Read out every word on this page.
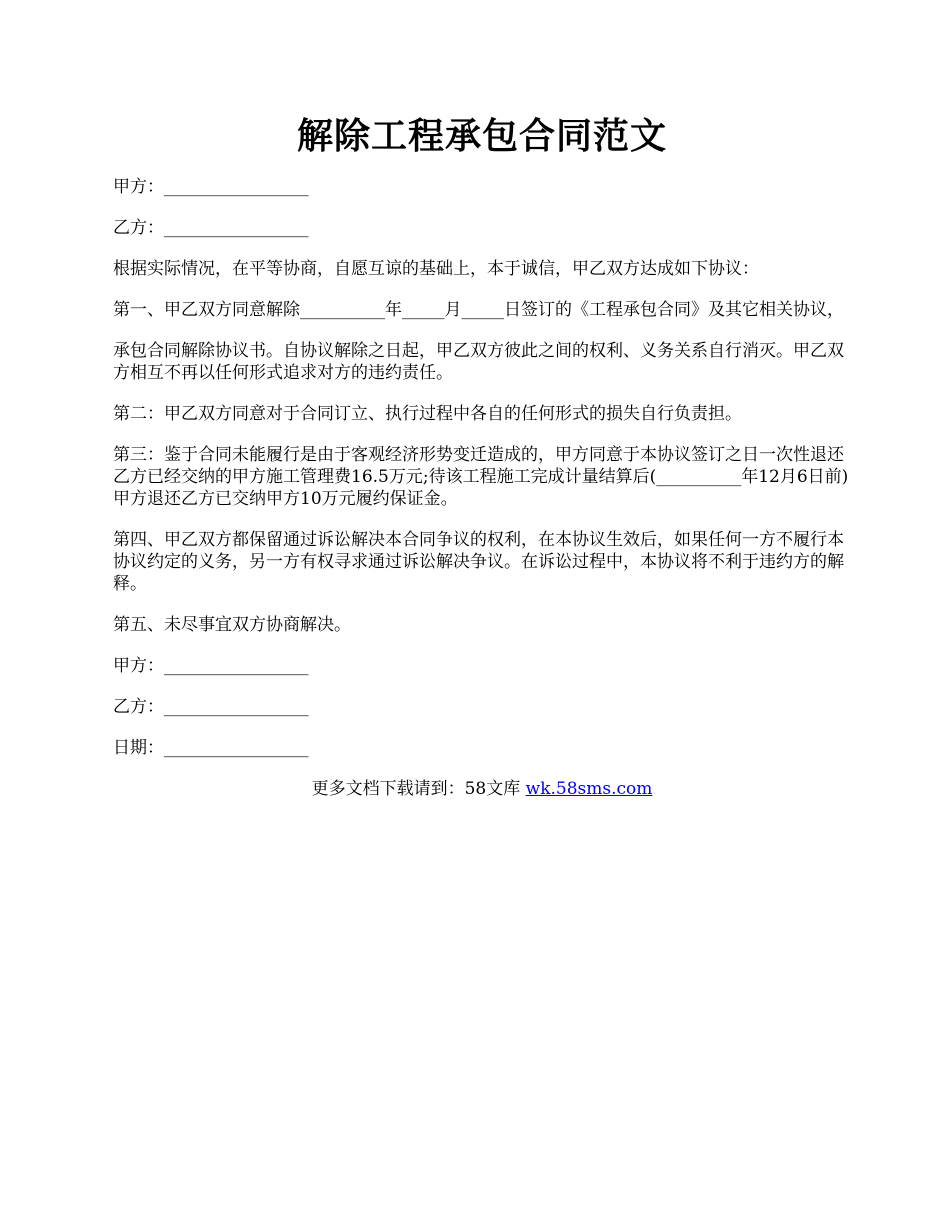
解除工程承包合同范文

甲方：_________________

乙方：_________________

根据实际情况，在平等协商，自愿互谅的基础上，本于诚信，甲乙双方达成如下协议：

第一、甲乙双方同意解除__________年_____月_____日签订的《工程承包合同》及其它相关协议，

承包合同解除协议书。自协议解除之日起，甲乙双方彼此之间的权利、义务关系自行消灭。甲乙双方相互不再以任何形式追求对方的违约责任。

第二：甲乙双方同意对于合同订立、执行过程中各自的任何形式的损失自行负责担。

第三：鉴于合同未能履行是由于客观经济形势变迁造成的，甲方同意于本协议签订之日一次性退还乙方已经交纳的甲方施工管理费16.5万元;待该工程施工完成计量结算后(__________年12月6日前)甲方退还乙方已交纳甲方10万元履约保证金。

第四、甲乙双方都保留通过诉讼解决本合同争议的权利，在本协议生效后，如果任何一方不履行本协议约定的义务，另一方有权寻求通过诉讼解决争议。在诉讼过程中，本协议将不利于违约方的解释。

第五、未尽事宜双方协商解决。

甲方：_________________

乙方：_________________

日期：_________________

更多文档下载请到：58文库 wk.58sms.com
